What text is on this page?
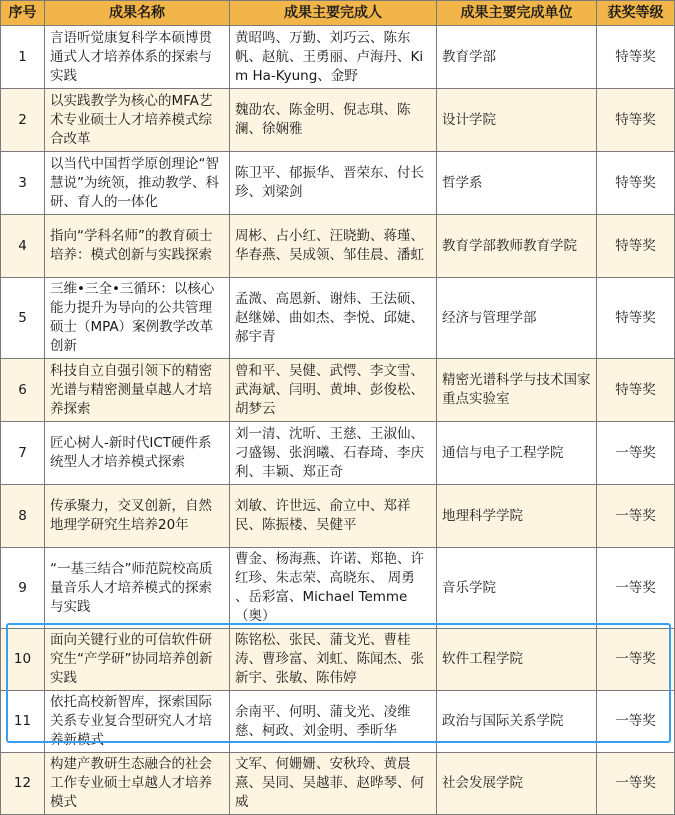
序号	成果名称	成果主要完成人	成果主要完成单位	获奖等级
1	言语听觉康复科学本硕博贯通式人才培养体系的探索与实践	黄昭鸣、万勤、刘巧云、陈东帆、赵航、王勇丽、卢海丹、Kim Ha-Kyung、金野	教育学部	特等奖
2	以实践教学为核心的MFA艺术专业硕士人才培养模式综合改革	魏劭农、陈金明、倪志琪、陈澜、徐娴雅	设计学院	特等奖
3	以当代中国哲学原创理论“智慧说”为统领，推动教学、科研、育人的一体化	陈卫平、郁振华、晋荣东、付长珍、刘梁剑	哲学系	特等奖
4	指向“学科名师”的教育硕士培养：模式创新与实践探索	周彬、占小红、汪晓勤、蒋瑾、华春燕、吴成领、邹佳晨、潘虹	教育学部教师教育学院	特等奖
5	三维•三全•三循环：以核心能力提升为导向的公共管理硕士（MPA）案例教学改革创新	孟溦、高恩新、谢炜、王法硕、赵继娣、曲如杰、李悦、邱婕、郝宇青	经济与管理学部	特等奖
6	科技自立自强引领下的精密光谱与精密测量卓越人才培养探索	曾和平、吴健、武愕、李文雪、武海斌、闫明、黄坤、彭俊松、胡梦云	精密光谱科学与技术国家重点实验室	特等奖
7	匠心树人-新时代ICT硬件系统型人才培养模式探索	刘一清、沈昕、王慈、王淑仙、刁盛锡、张润曦、石春琦、李庆利、丰颖、郑正奇	通信与电子工程学院	一等奖
8	传承聚力，交叉创新，自然地理学研究生培养20年	刘敏、许世远、俞立中、郑祥民、陈振楼、吴健平	地理科学学院	一等奖
9	“一基三结合”师范院校高质量音乐人才培养模式的探索与实践	曹金、杨海燕、许诺、郑艳、许红珍、朱志荣、高晓东、 周勇 、岳彩富、Michael Temme（奥）	音乐学院	一等奖
10	面向关键行业的可信软件研究生“产学研”协同培养创新实践	陈铭松、张民、蒲戈光、曹桂涛、曹珍富、刘虹、陈闻杰、张新宇、张敏、陈伟婷	软件工程学院	一等奖
11	依托高校新智库，探索国际关系专业复合型研究人才培养新模式	余南平、何明、蒲戈光、凌维慈、柯政、刘金明、季昕华	政治与国际关系学院	一等奖
12	构建产教研生态融合的社会工作专业硕士卓越人才培养模式	文军、何姗姗、安秋玲、黄晨熹、吴同、吴越菲、赵晔琴、何威	社会发展学院	一等奖
